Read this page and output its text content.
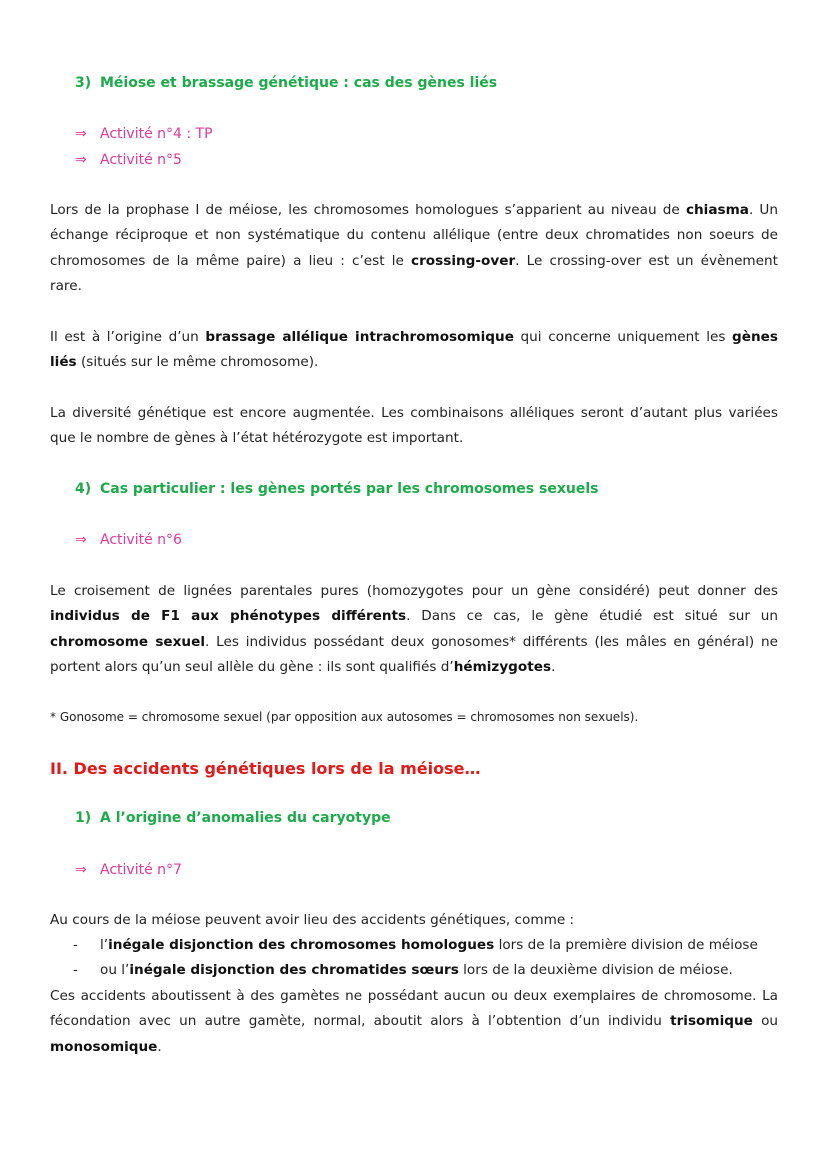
3) Méiose et brassage génétique : cas des gènes liés
⇒ Activité n°4 : TP
⇒ Activité n°5
Lors de la prophase I de méiose, les chromosomes homologues s’apparient au niveau de chiasma. Un
échange réciproque et non systématique du contenu allélique (entre deux chromatides non soeurs de
chromosomes de la même paire) a lieu : c’est le crossing-over. Le crossing-over est un évènement
rare.
Il est à l’origine d’un brassage allélique intrachromosomique qui concerne uniquement les gènes
liés (situés sur le même chromosome).
La diversité génétique est encore augmentée. Les combinaisons alléliques seront d’autant plus variées
que le nombre de gènes à l’état hétérozygote est important.
4) Cas particulier : les gènes portés par les chromosomes sexuels
⇒ Activité n°6
Le croisement de lignées parentales pures (homozygotes pour un gène considéré) peut donner des
individus de F1 aux phénotypes différents. Dans ce cas, le gène étudié est situé sur un
chromosome sexuel. Les individus possédant deux gonosomes* différents (les mâles en général) ne
portent alors qu’un seul allèle du gène : ils sont qualifiés d’hémizygotes.
* Gonosome = chromosome sexuel (par opposition aux autosomes = chromosomes non sexuels).
II. Des accidents génétiques lors de la méiose…
1) A l’origine d’anomalies du caryotype
⇒ Activité n°7
Au cours de la méiose peuvent avoir lieu des accidents génétiques, comme :
- l’inégale disjonction des chromosomes homologues lors de la première division de méiose
- ou l’inégale disjonction des chromatides sœurs lors de la deuxième division de méiose.
Ces accidents aboutissent à des gamètes ne possédant aucun ou deux exemplaires de chromosome. La
fécondation avec un autre gamète, normal, aboutit alors à l’obtention d’un individu trisomique ou
monosomique.
